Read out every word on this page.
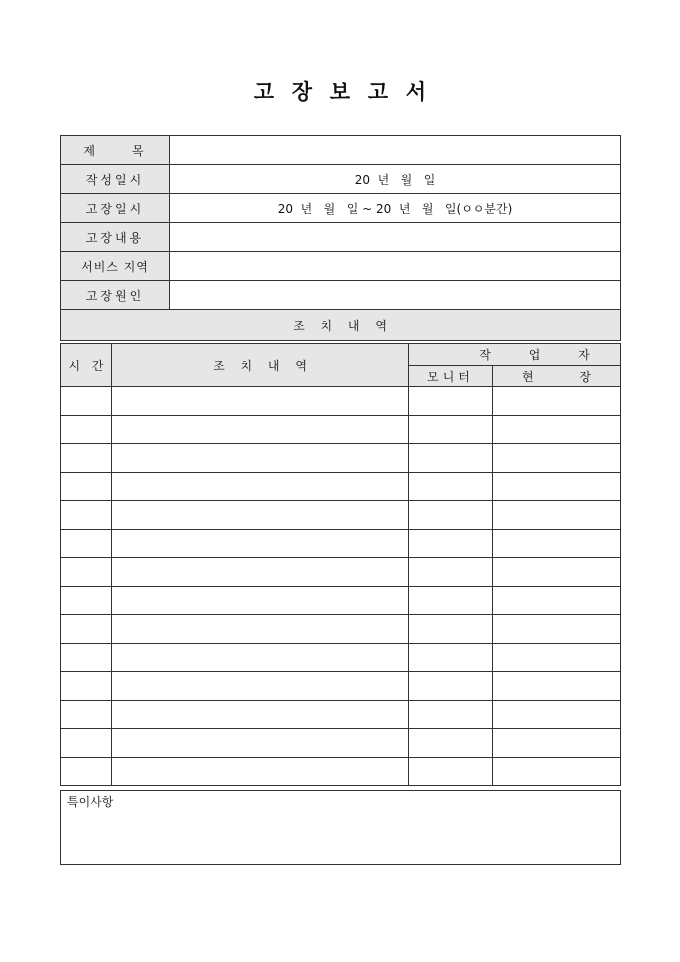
고 장 보 고 서
제     목	
작성일시	20  년   월   일
고장일시	20  년   월   일 ~ 20  년   월   일(ㅇㅇ분간)
고장내용	
서비스 지역	
고장원인	
조 치 내 역	
시 간	조 치 내 역	작 업 자	
		모니터	현 장

특이사항
